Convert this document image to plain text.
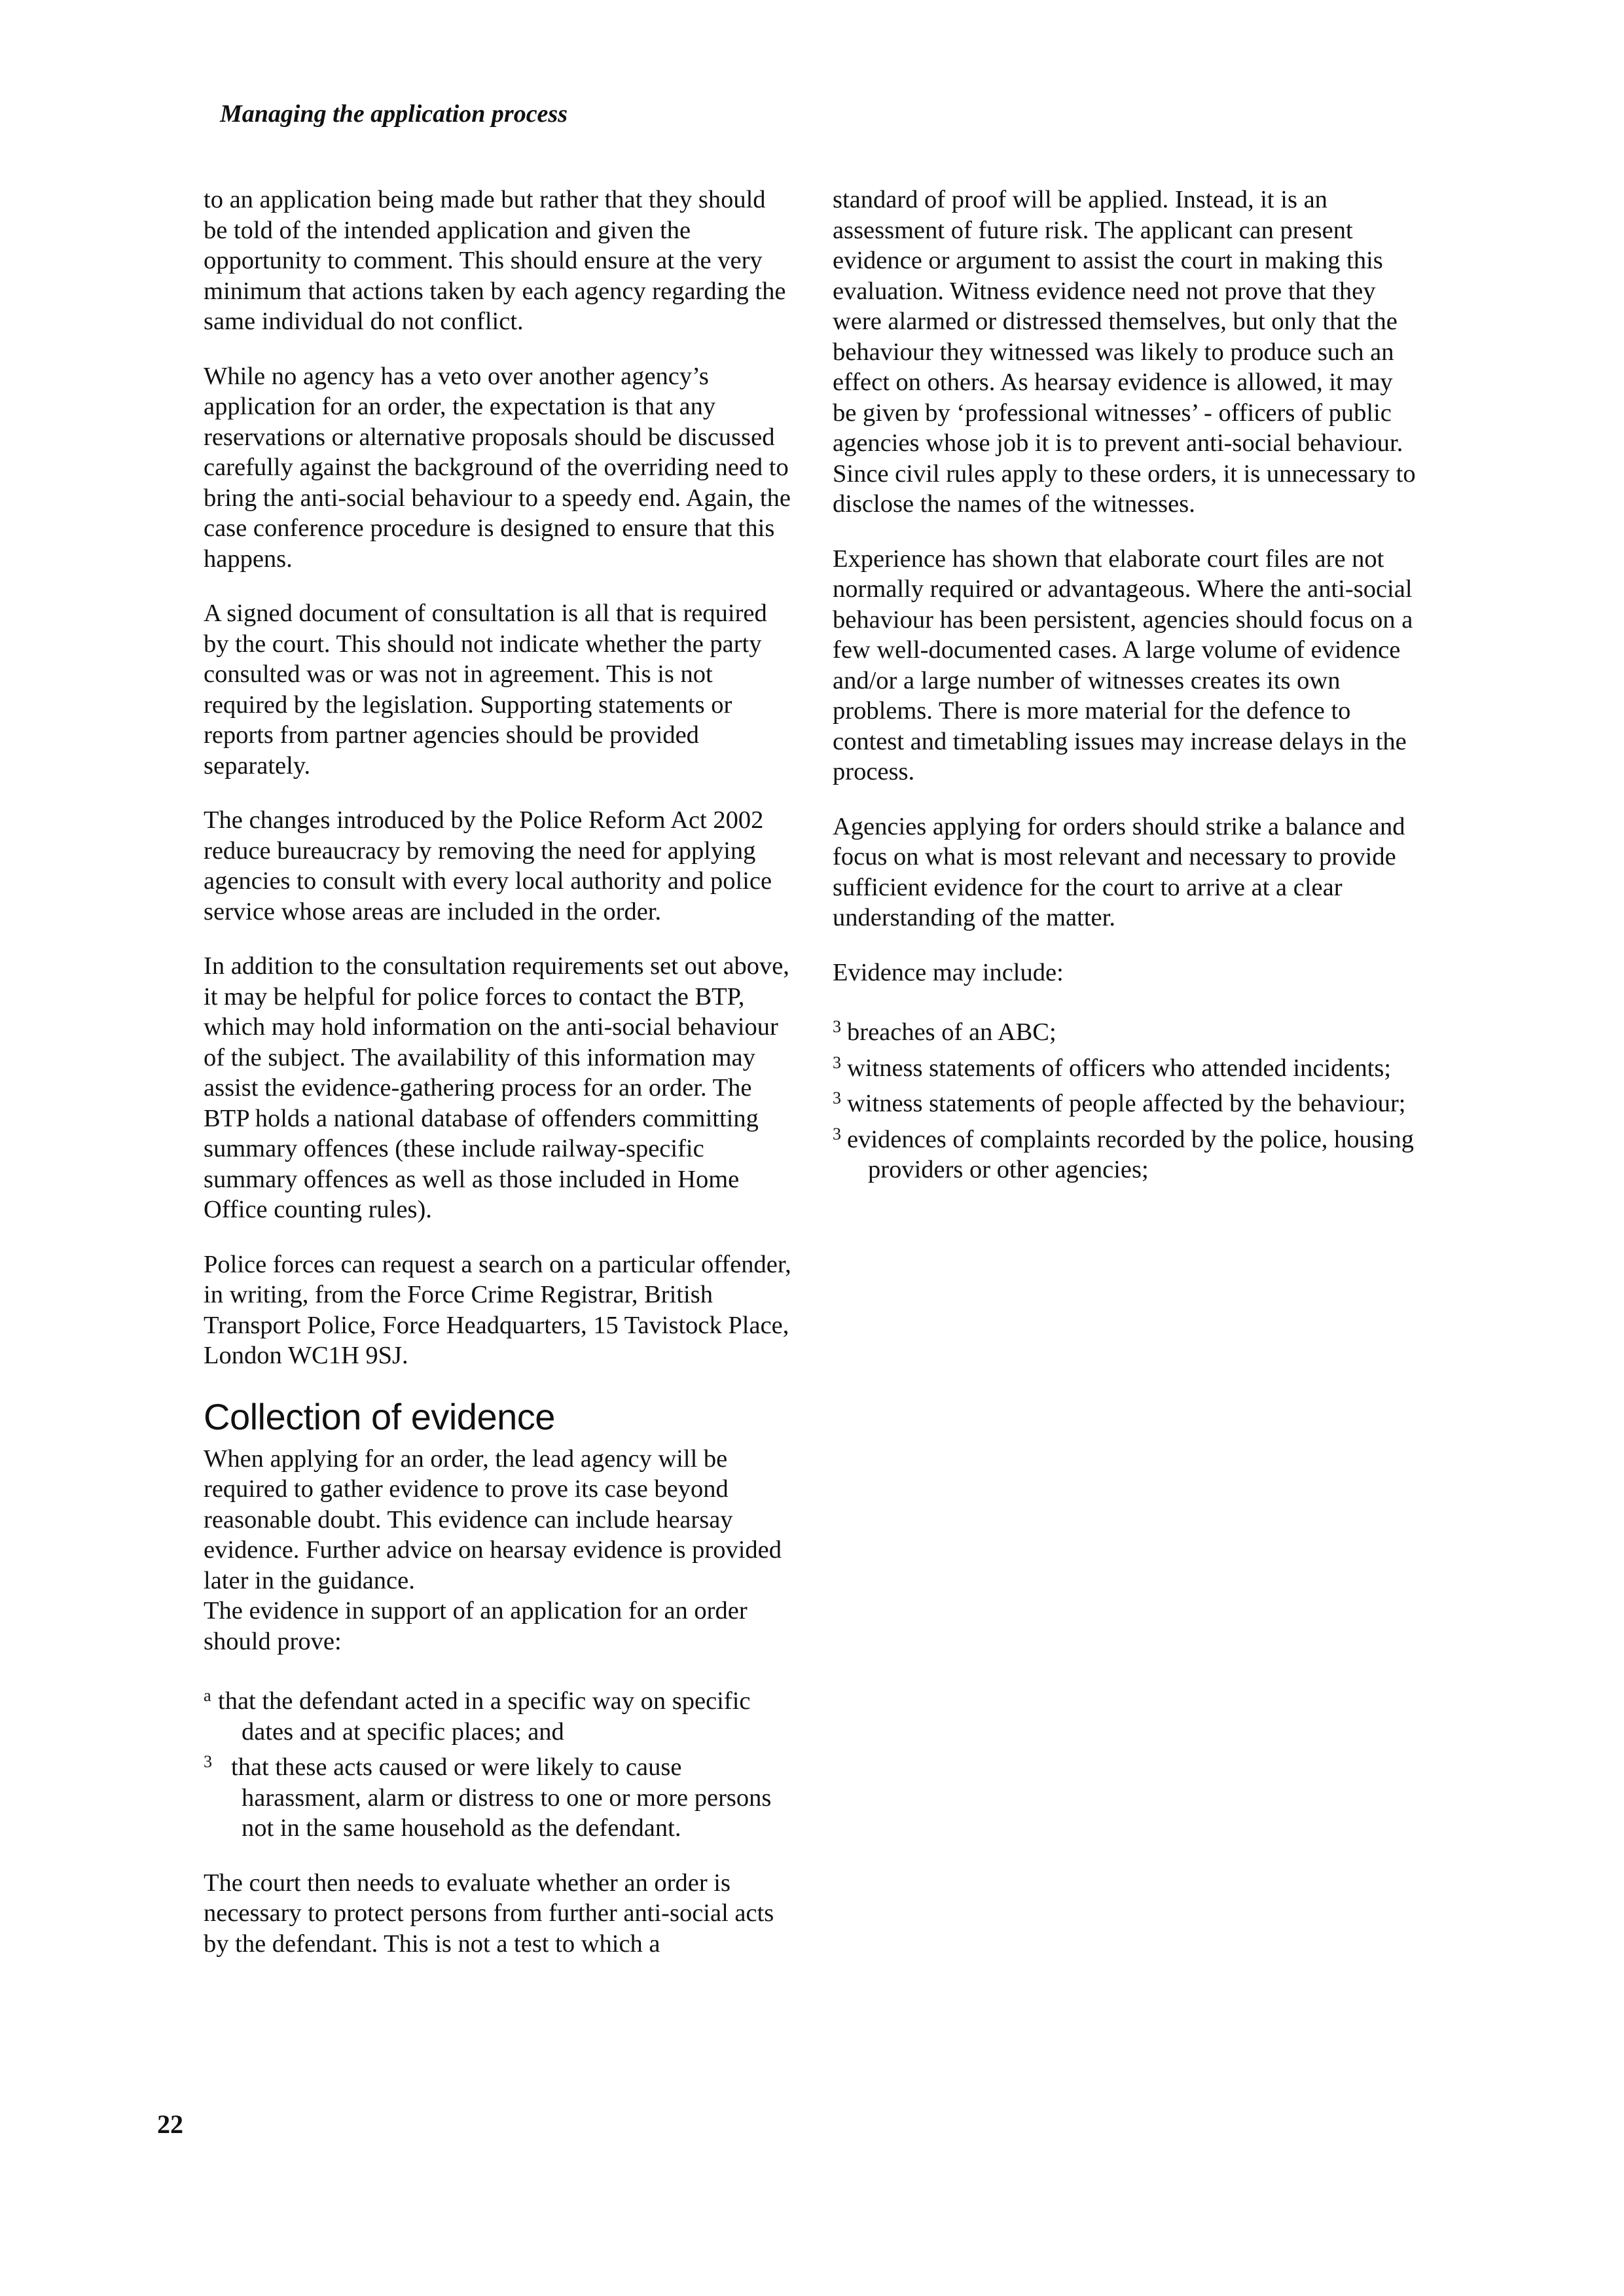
Managing the application process

to an application being made but rather that they should be told of the intended application and given the opportunity to comment. This should ensure at the very minimum that actions taken by each agency regarding the same individual do not conflict.

While no agency has a veto over another agency’s application for an order, the expectation is that any reservations or alternative proposals should be discussed carefully against the background of the overriding need to bring the anti-social behaviour to a speedy end. Again, the case conference procedure is designed to ensure that this happens.

A signed document of consultation is all that is required by the court. This should not indicate whether the party consulted was or was not in agreement. This is not required by the legislation. Supporting statements or reports from partner agencies should be provided separately.

The changes introduced by the Police Reform Act 2002 reduce bureaucracy by removing the need for applying agencies to consult with every local authority and police service whose areas are included in the order.

In addition to the consultation requirements set out above, it may be helpful for police forces to contact the BTP, which may hold information on the anti-social behaviour of the subject. The availability of this information may assist the evidence-gathering process for an order. The BTP holds a national database of offenders committing summary offences (these include railway-specific summary offences as well as those included in Home Office counting rules).

Police forces can request a search on a particular offender, in writing, from the Force Crime Registrar, British Transport Police, Force Headquarters, 15 Tavistock Place, London WC1H 9SJ.

Collection of evidence

When applying for an order, the lead agency will be required to gather evidence to prove its case beyond reasonable doubt. This evidence can include hearsay evidence. Further advice on hearsay evidence is provided later in the guidance.

The evidence in support of an application for an order should prove:

a that the defendant acted in a specific way on specific dates and at specific places; and
3 that these acts caused or were likely to cause harassment, alarm or distress to one or more persons not in the same household as the defendant.

The court then needs to evaluate whether an order is necessary to protect persons from further anti-social acts by the defendant. This is not a test to which a

standard of proof will be applied. Instead, it is an assessment of future risk. The applicant can present evidence or argument to assist the court in making this evaluation. Witness evidence need not prove that they were alarmed or distressed themselves, but only that the behaviour they witnessed was likely to produce such an effect on others. As hearsay evidence is allowed, it may be given by ‘professional witnesses’ - officers of public agencies whose job it is to prevent anti-social behaviour. Since civil rules apply to these orders, it is unnecessary to disclose the names of the witnesses.

Experience has shown that elaborate court files are not normally required or advantageous. Where the anti-social behaviour has been persistent, agencies should focus on a few well-documented cases. A large volume of evidence and/or a large number of witnesses creates its own problems. There is more material for the defence to contest and timetabling issues may increase delays in the process.

Agencies applying for orders should strike a balance and focus on what is most relevant and necessary to provide sufficient evidence for the court to arrive at a clear understanding of the matter.

Evidence may include:

3 breaches of an ABC;
3 witness statements of officers who attended incidents;
3 witness statements of people affected by the behaviour;
3 evidences of complaints recorded by the police, housing providers or other agencies;
22
